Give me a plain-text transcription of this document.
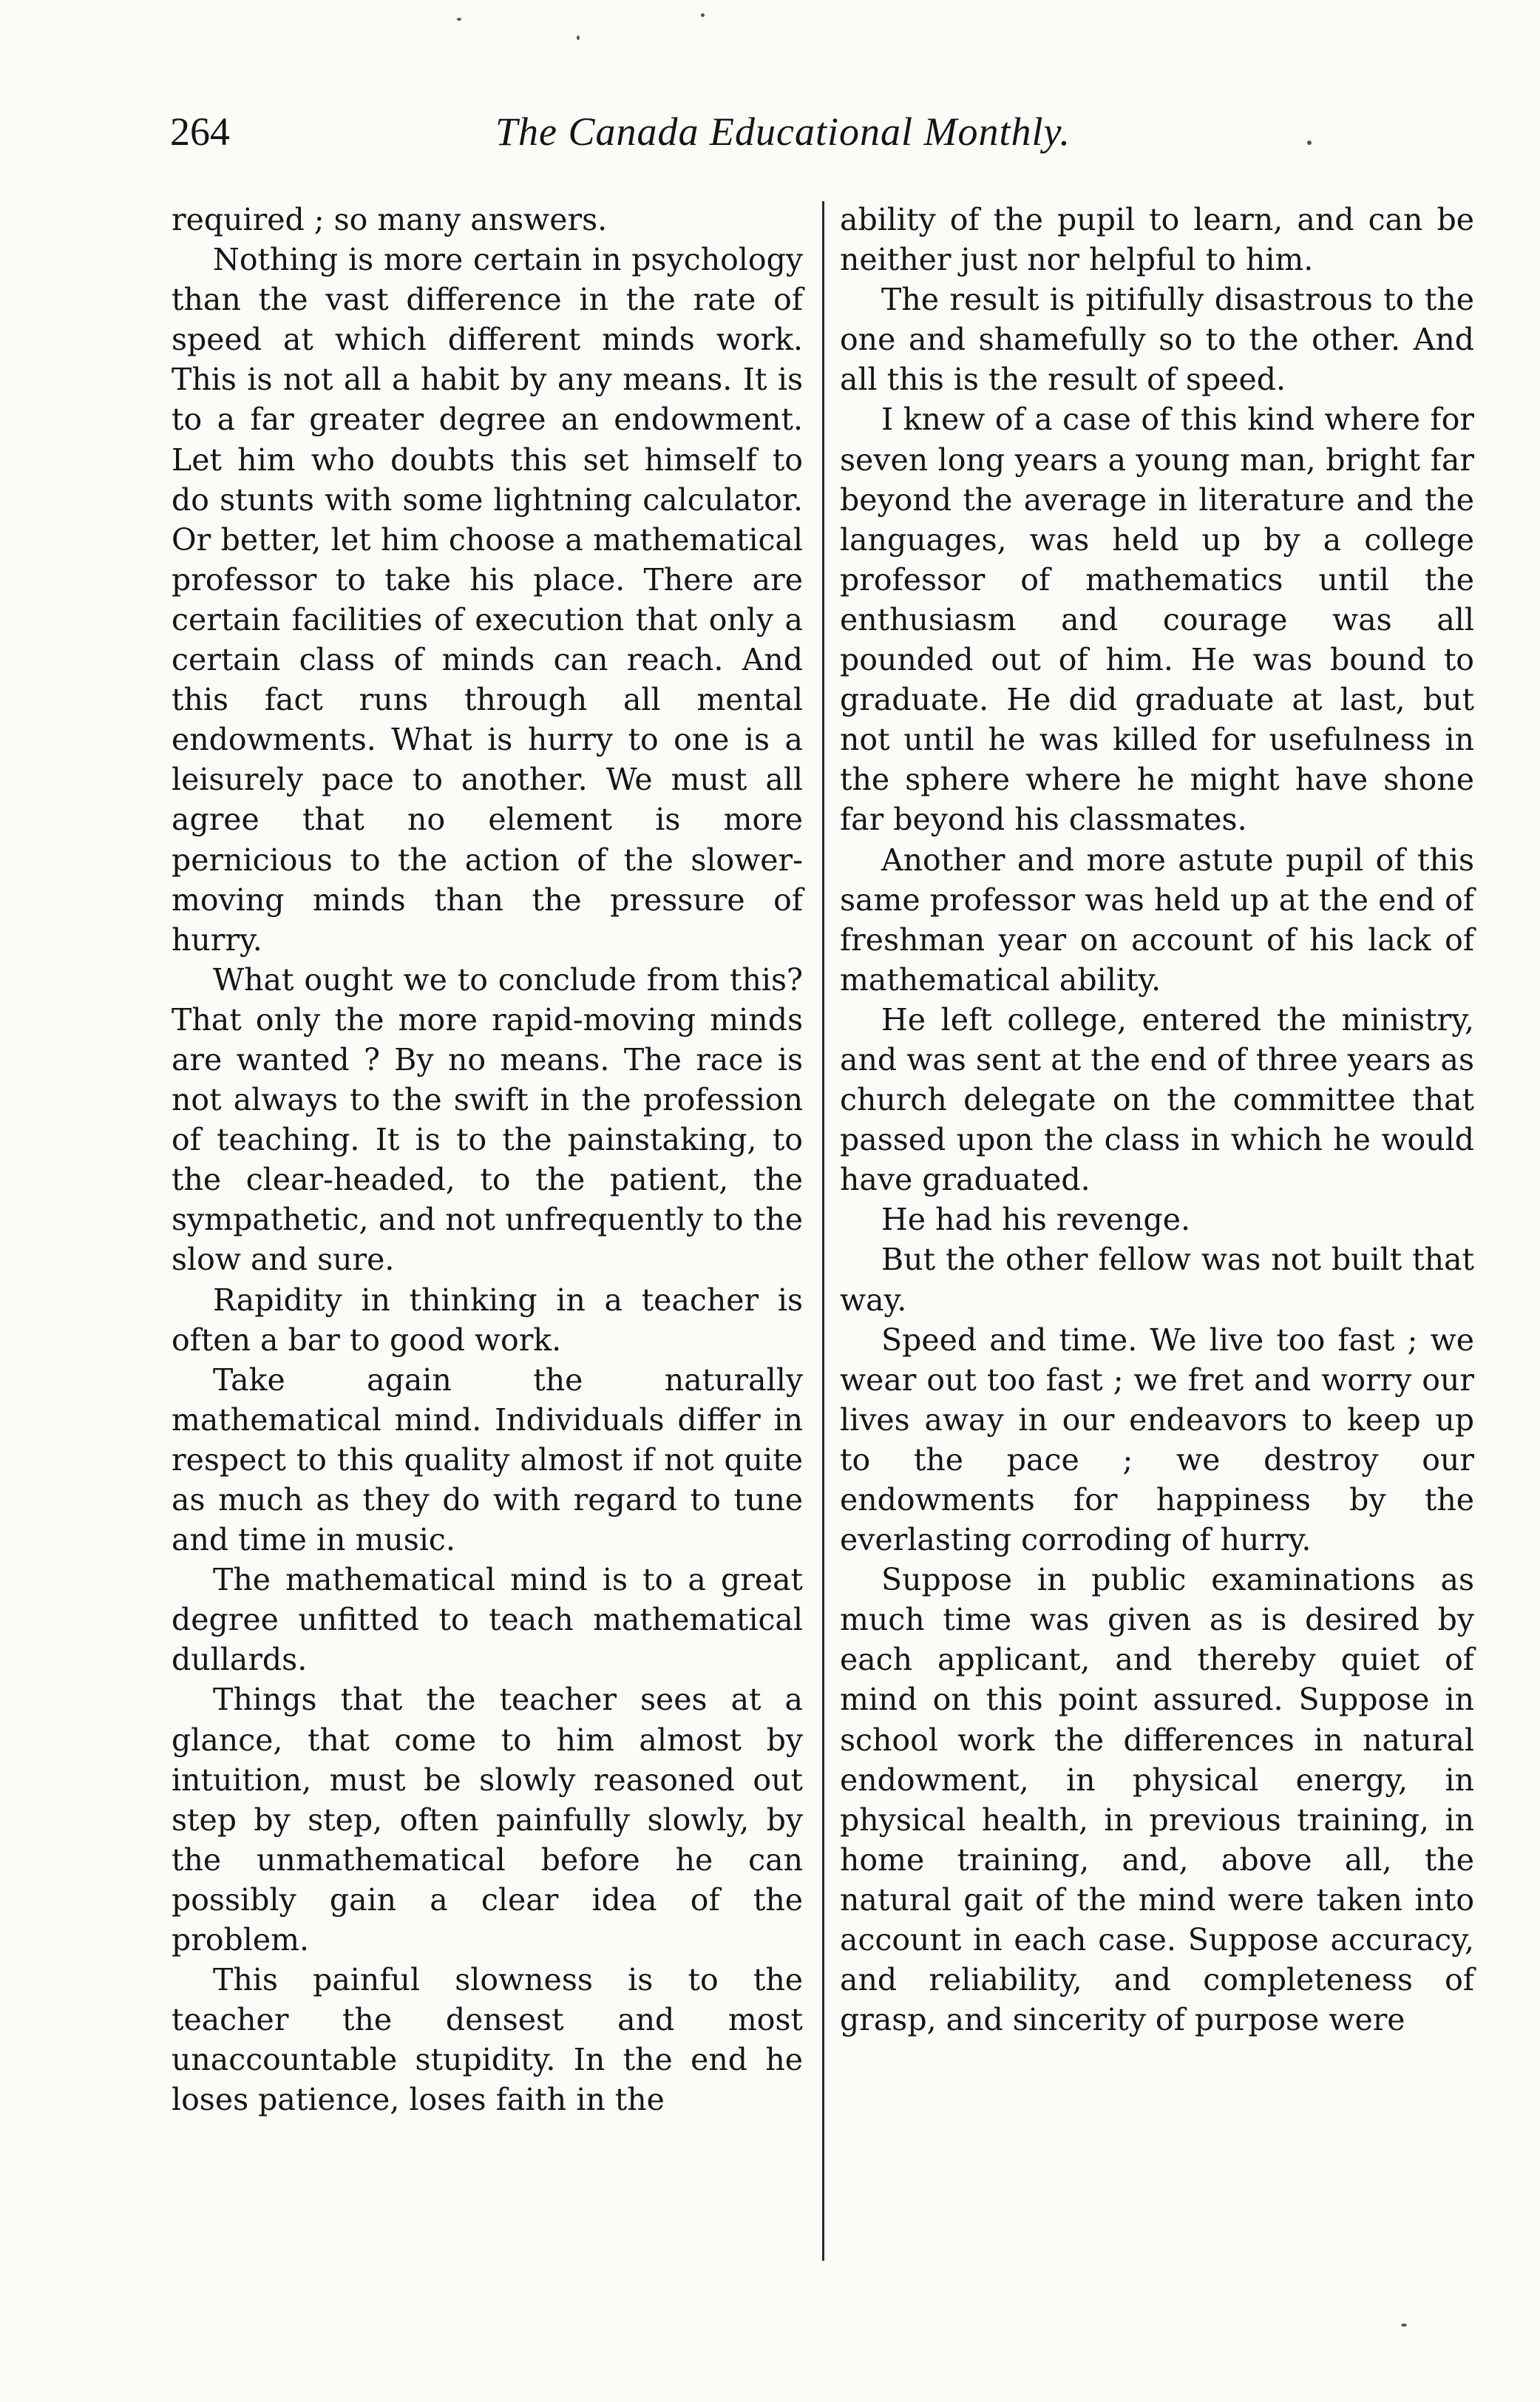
264	The Canada Educational Monthly.

required ; so many answers.

Nothing is more certain in psychology than the vast difference in the rate of speed at which different minds work. This is not all a habit by any means. It is to a far greater degree an endowment. Let him who doubts this set himself to do stunts with some lightning calculator. Or better, let him choose a mathematical professor to take his place. There are certain facilities of execution that only a certain class of minds can reach. And this fact runs through all mental endowments. What is hurry to one is a leisurely pace to another. We must all agree that no element is more pernicious to the action of the slower-moving minds than the pressure of hurry.

What ought we to conclude from this? That only the more rapid-moving minds are wanted ? By no means. The race is not always to the swift in the profession of teaching. It is to the painstaking, to the clear-headed, to the patient, the sympathetic, and not unfrequently to the slow and sure.

Rapidity in thinking in a teacher is often a bar to good work.

Take again the naturally mathematical mind. Individuals differ in respect to this quality almost if not quite as much as they do with regard to tune and time in music.

The mathematical mind is to a great degree unfitted to teach mathematical dullards.

Things that the teacher sees at a glance, that come to him almost by intuition, must be slowly reasoned out step by step, often painfully slowly, by the unmathematical before he can possibly gain a clear idea of the problem.

This painful slowness is to the teacher the densest and most unaccountable stupidity. In the end he loses patience, loses faith in the

ability of the pupil to learn, and can be neither just nor helpful to him.

The result is pitifully disastrous to the one and shamefully so to the other. And all this is the result of speed.

I knew of a case of this kind where for seven long years a young man, bright far beyond the average in literature and the languages, was held up by a college professor of mathematics until the enthusiasm and courage was all pounded out of him. He was bound to graduate. He did graduate at last, but not until he was killed for usefulness in the sphere where he might have shone far beyond his classmates.

Another and more astute pupil of this same professor was held up at the end of freshman year on account of his lack of mathematical ability.

He left college, entered the ministry, and was sent at the end of three years as church delegate on the committee that passed upon the class in which he would have graduated.

He had his revenge.

But the other fellow was not built that way.

Speed and time. We live too fast ; we wear out too fast ; we fret and worry our lives away in our endeavors to keep up to the pace ; we destroy our endowments for happiness by the everlasting corroding of hurry.

Suppose in public examinations as much time was given as is desired by each applicant, and thereby quiet of mind on this point assured. Suppose in school work the differences in natural endowment, in physical energy, in physical health, in previous training, in home training, and, above all, the natural gait of the mind were taken into account in each case. Suppose accuracy, and reliability, and completeness of grasp, and sincerity of purpose were
